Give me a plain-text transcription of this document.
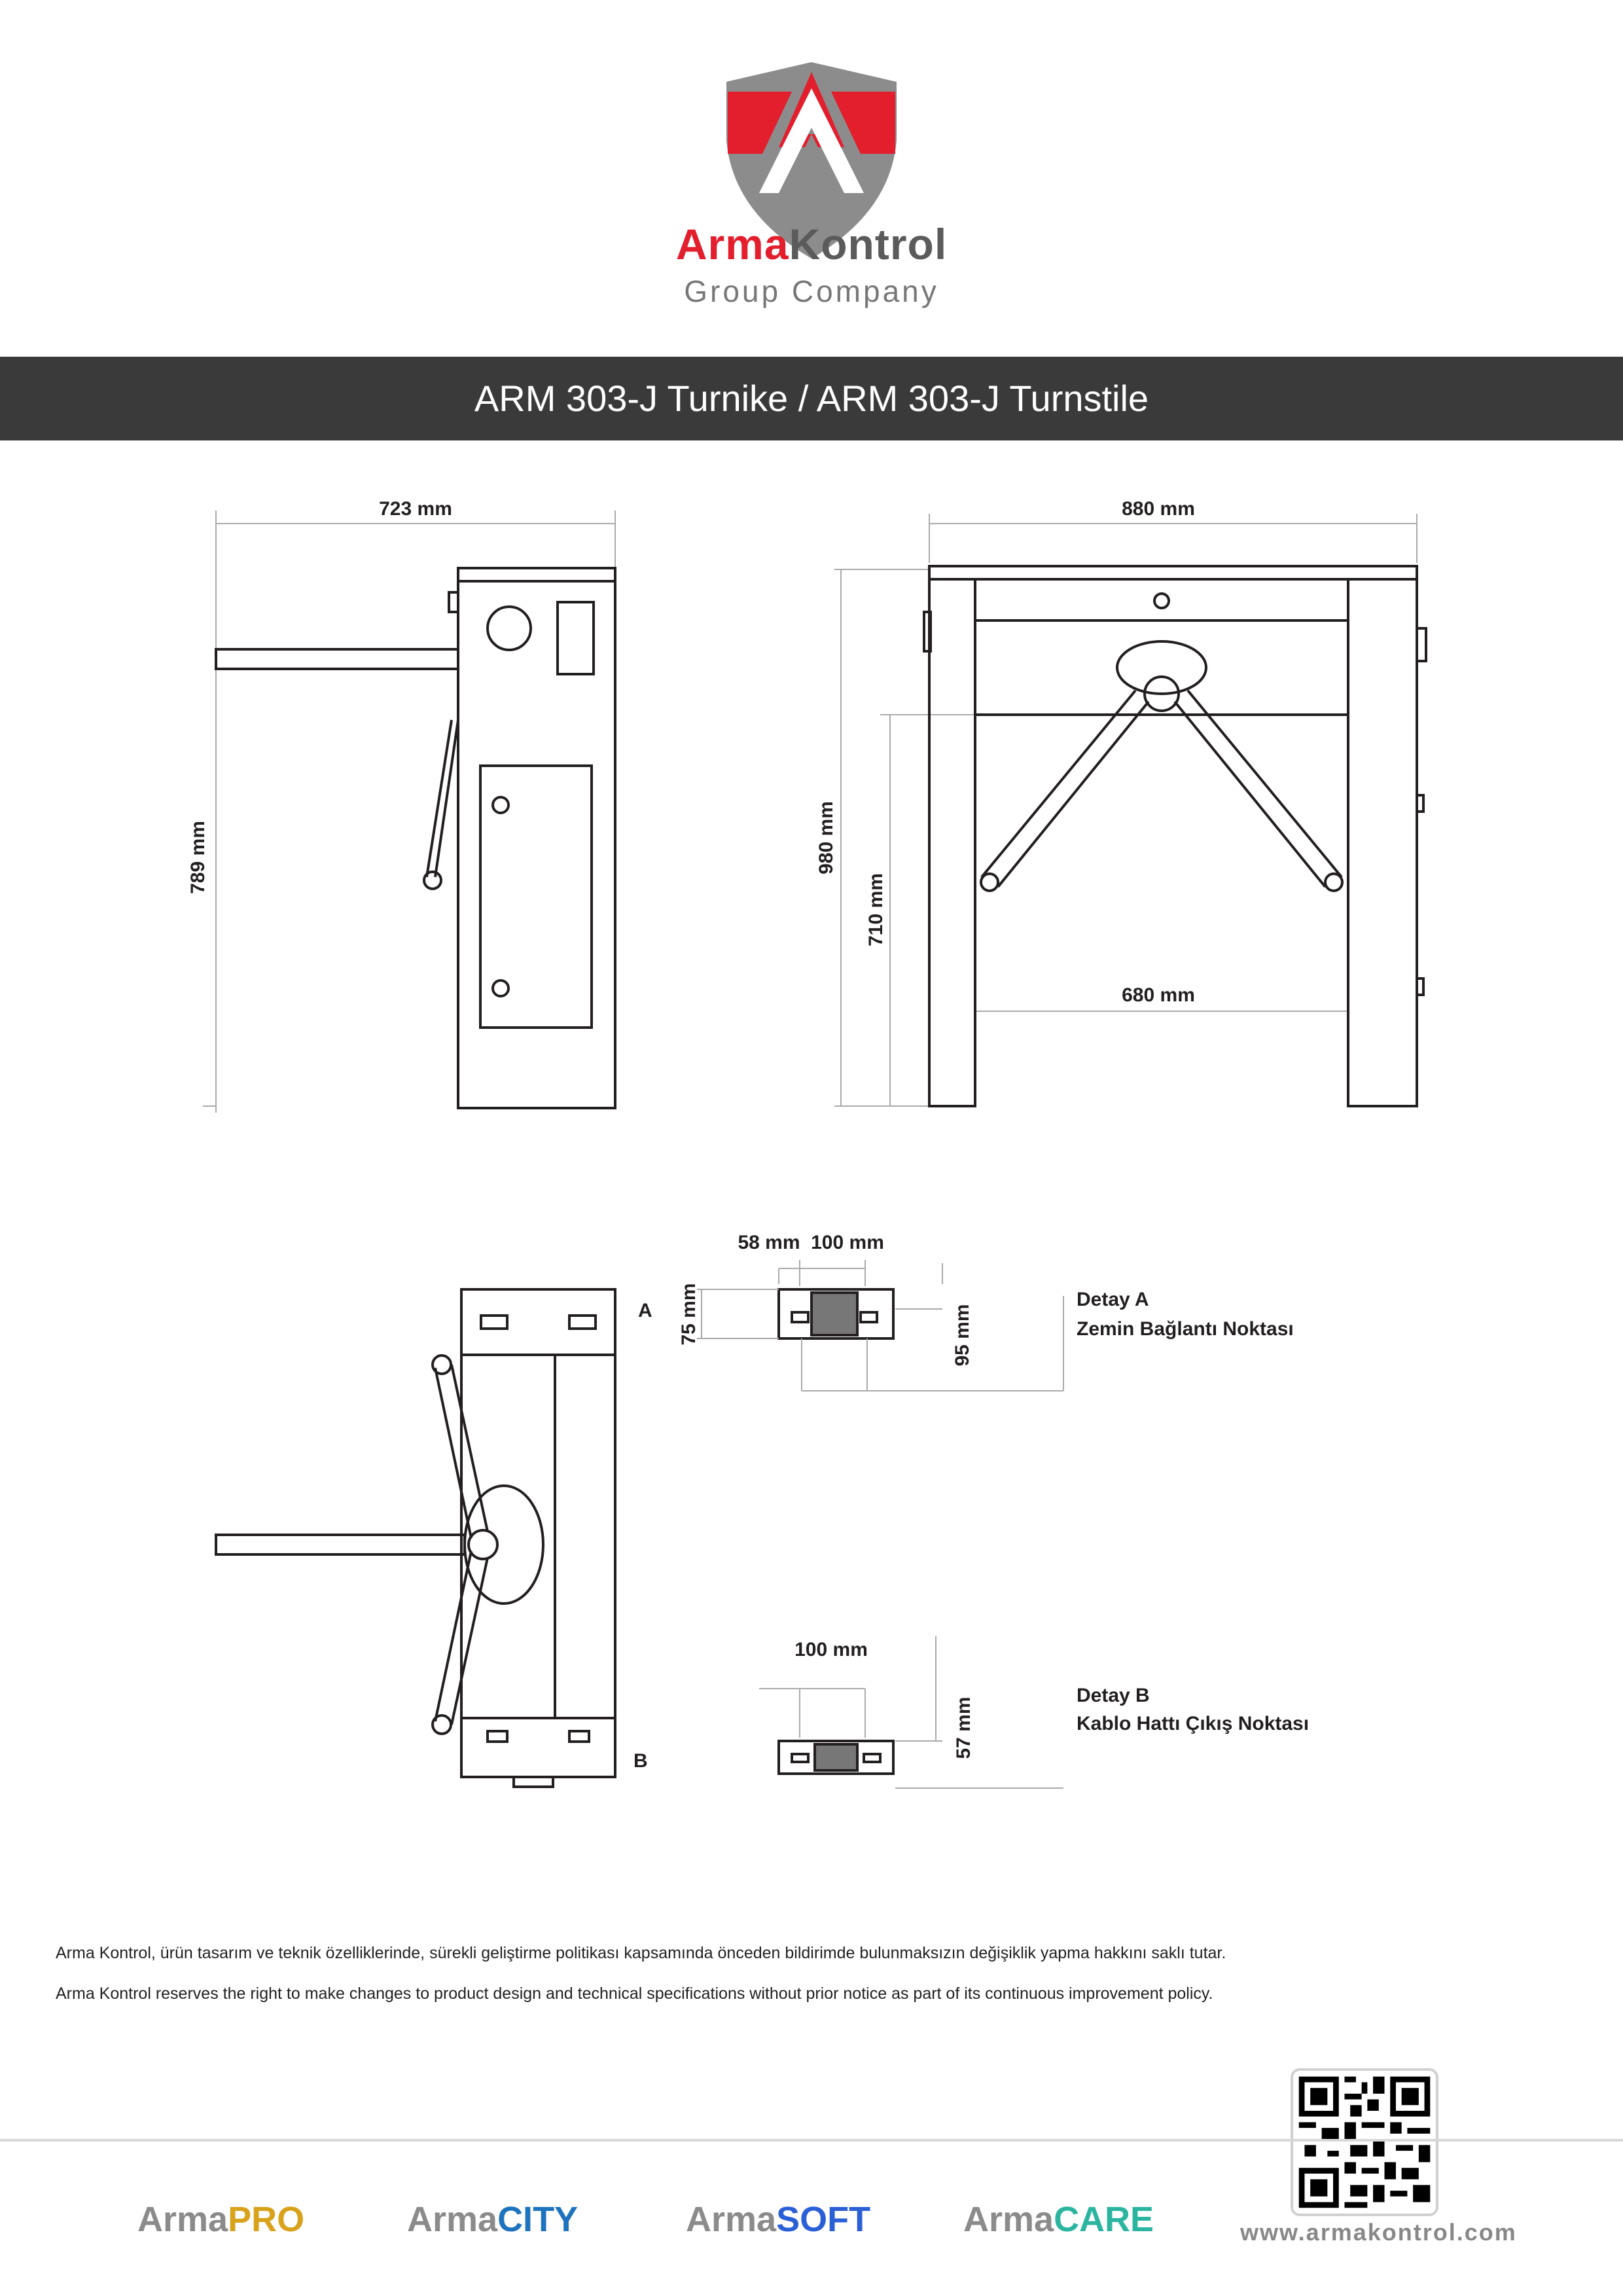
ArmaKontrol
Group Company
ARM 303-J Turnike / ARM 303-J Turnstile
723 mm
789 mm
880 mm
980 mm
710 mm
680 mm
A
B
58 mm 100 mm
75 mm	95 mm
Detay A
Zemin Bağlantı Noktası
100 mm
57 mm
Detay B
Kablo Hattı Çıkış Noktası
Arma Kontrol, ürün tasarım ve teknik özelliklerinde, sürekli geliştirme politikası kapsamında önceden bildirimde bulunmaksızın değişiklik yapma hakkını saklı tutar.
Arma Kontrol reserves the right to make changes to product design and technical specifications without prior notice as part of its continuous improvement policy.
ArmaPRO	ArmaCITY	ArmaSOFT	ArmaCARE	www.armakontrol.com
